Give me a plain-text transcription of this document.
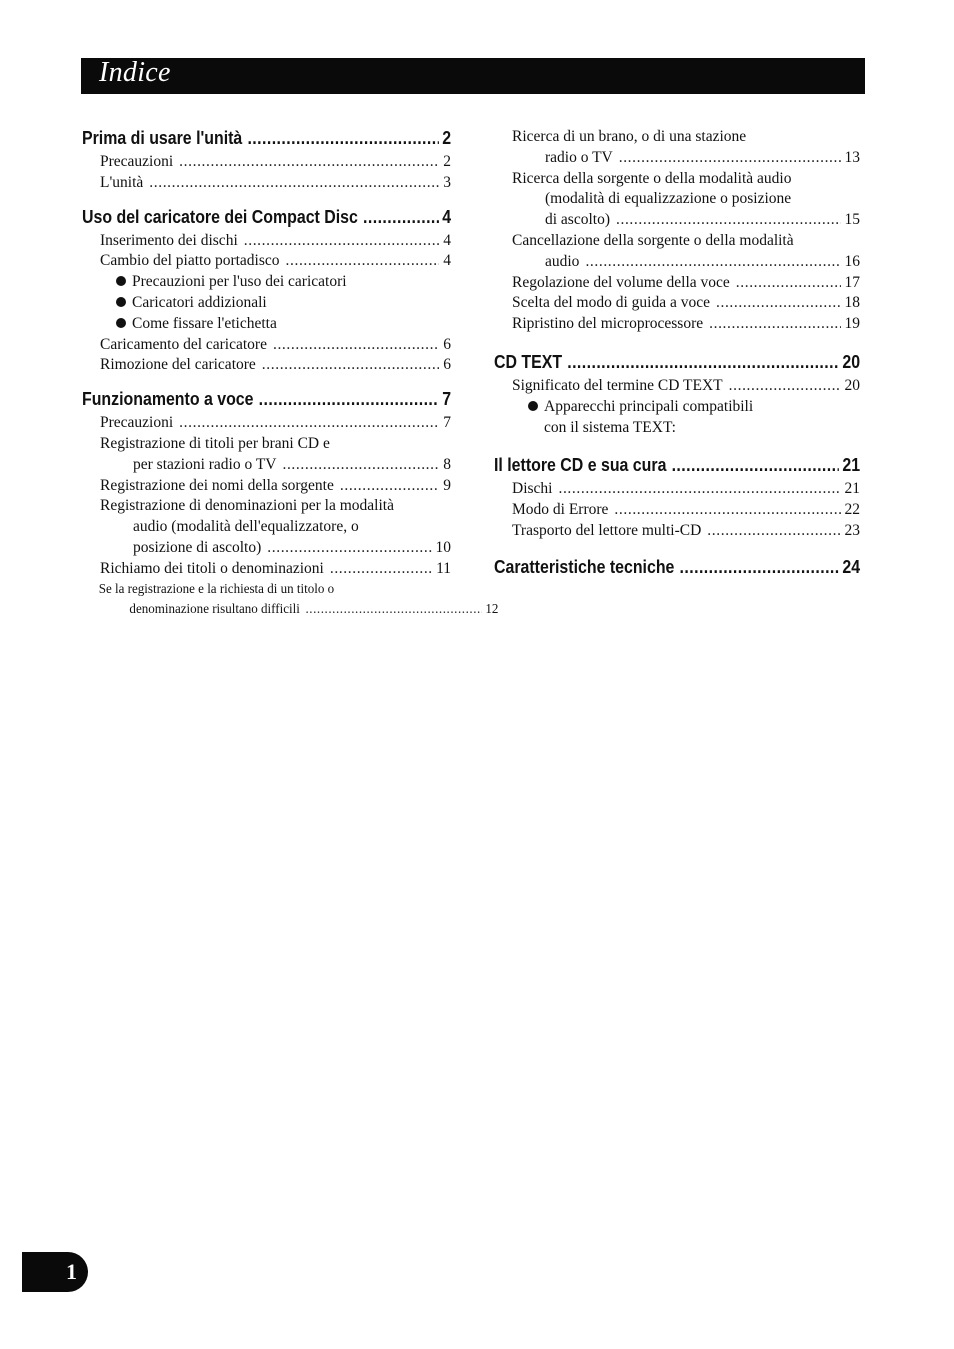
Indice
Prima di usare l'unità .....	2
Precauzioni .....	2
L'unità .....	3
Uso del caricatore dei Compact Disc .....	4
Inserimento dei dischi .....	4
Cambio del piatto portadisco .....	4
Precauzioni per l'uso dei caricatori
Caricatori addizionali
Come fissare l'etichetta
Caricamento del caricatore .....	6
Rimozione del caricatore .....	6
Funzionamento a voce .....	7
Precauzioni .....	7
Registrazione di titoli per brani CD e
per stazioni radio o TV .....	8
Registrazione dei nomi della sorgente .....	9
Registrazione di denominazioni per la modalità
audio (modalità dell'equalizzatore, o
posizione di ascolto) .....	10
Richiamo dei titoli o denominazioni .....	11
Se la registrazione e la richiesta di un titolo o
denominazione risultano difficili .....	12
Ricerca di un brano, o di una stazione
radio o TV .....	13
Ricerca della sorgente o della modalità audio
(modalità di equalizzazione o posizione
di ascolto) .....	15
Cancellazione della sorgente o della modalità
audio .....	16
Regolazione del volume della voce .....	17
Scelta del modo di guida a voce .....	18
Ripristino del microprocessore .....	19
CD TEXT .....	20
Significato del termine CD TEXT .....	20
Apparecchi principali compatibili
con il sistema TEXT:
Il lettore CD e sua cura .....	21
Dischi .....	21
Modo di Errore .....	22
Trasporto del lettore multi-CD .....	23
Caratteristiche tecniche .....	24
1
